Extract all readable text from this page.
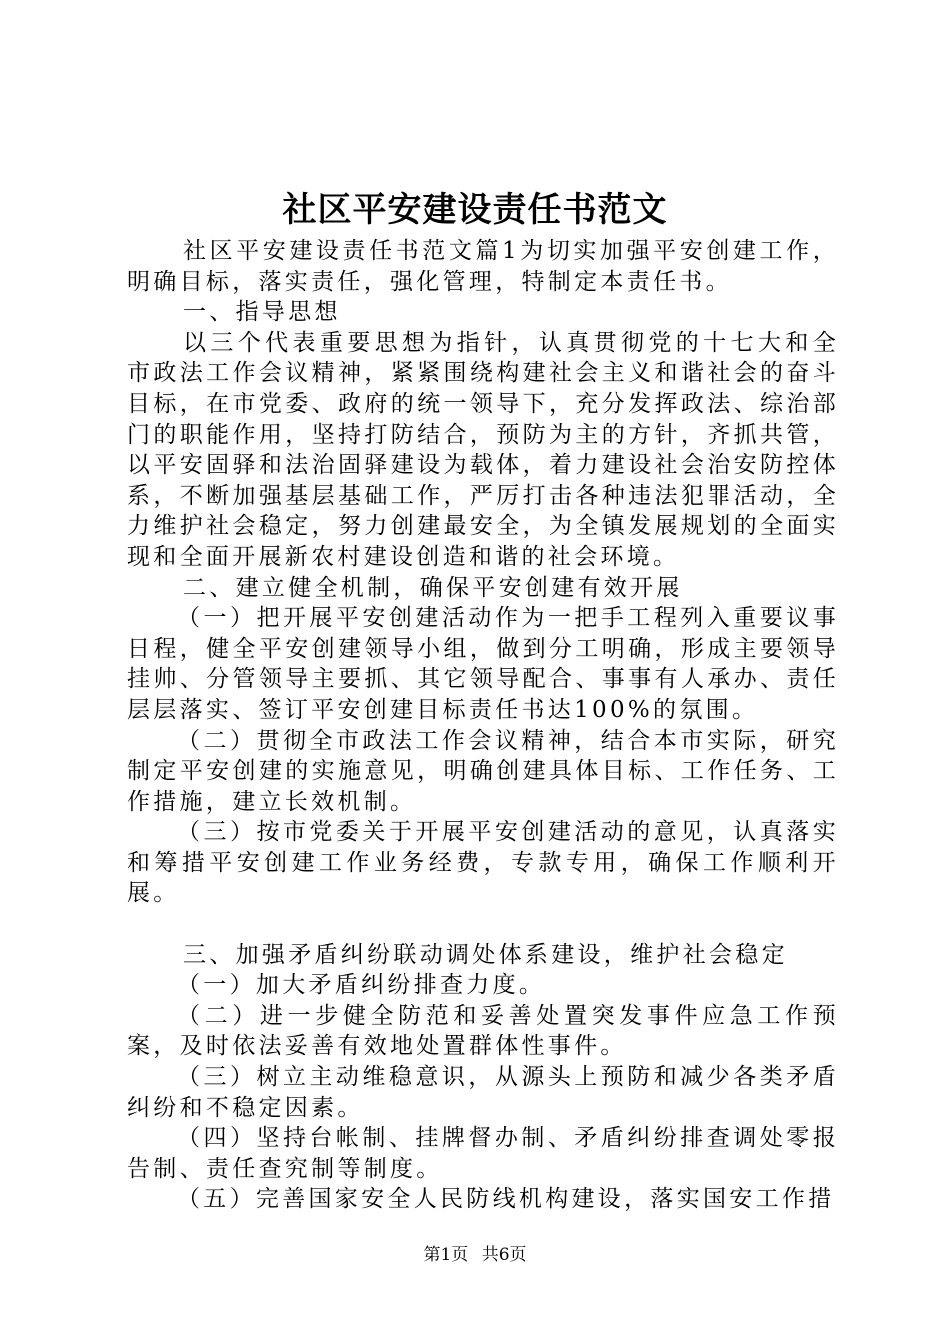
社区平安建设责任书范文

社区平安建设责任书范文篇1为切实加强平安创建工作，明确目标，落实责任，强化管理，特制定本责任书。

一、指导思想

以三个代表重要思想为指针，认真贯彻党的十七大和全市政法工作会议精神，紧紧围绕构建社会主义和谐社会的奋斗目标，在市党委、政府的统一领导下，充分发挥政法、综治部门的职能作用，坚持打防结合，预防为主的方针，齐抓共管，以平安固驿和法治固驿建设为载体，着力建设社会治安防控体系，不断加强基层基础工作，严厉打击各种违法犯罪活动，全力维护社会稳定，努力创建最安全，为全镇发展规划的全面实现和全面开展新农村建设创造和谐的社会环境。

二、建立健全机制，确保平安创建有效开展

（一）把开展平安创建活动作为一把手工程列入重要议事日程，健全平安创建领导小组，做到分工明确，形成主要领导挂帅、分管领导主要抓、其它领导配合、事事有人承办、责任层层落实、签订平安创建目标责任书达100%的氛围。

（二）贯彻全市政法工作会议精神，结合本市实际，研究制定平安创建的实施意见，明确创建具体目标、工作任务、工作措施，建立长效机制。

（三）按市党委关于开展平安创建活动的意见，认真落实和筹措平安创建工作业务经费，专款专用，确保工作顺利开展。

三、加强矛盾纠纷联动调处体系建设，维护社会稳定

（一）加大矛盾纠纷排查力度。

（二）进一步健全防范和妥善处置突发事件应急工作预案，及时依法妥善有效地处置群体性事件。

（三）树立主动维稳意识，从源头上预防和减少各类矛盾纠纷和不稳定因素。

（四）坚持台帐制、挂牌督办制、矛盾纠纷排查调处零报告制、责任查究制等制度。

（五）完善国家安全人民防线机构建设，落实国安工作措

第1页 共6页
